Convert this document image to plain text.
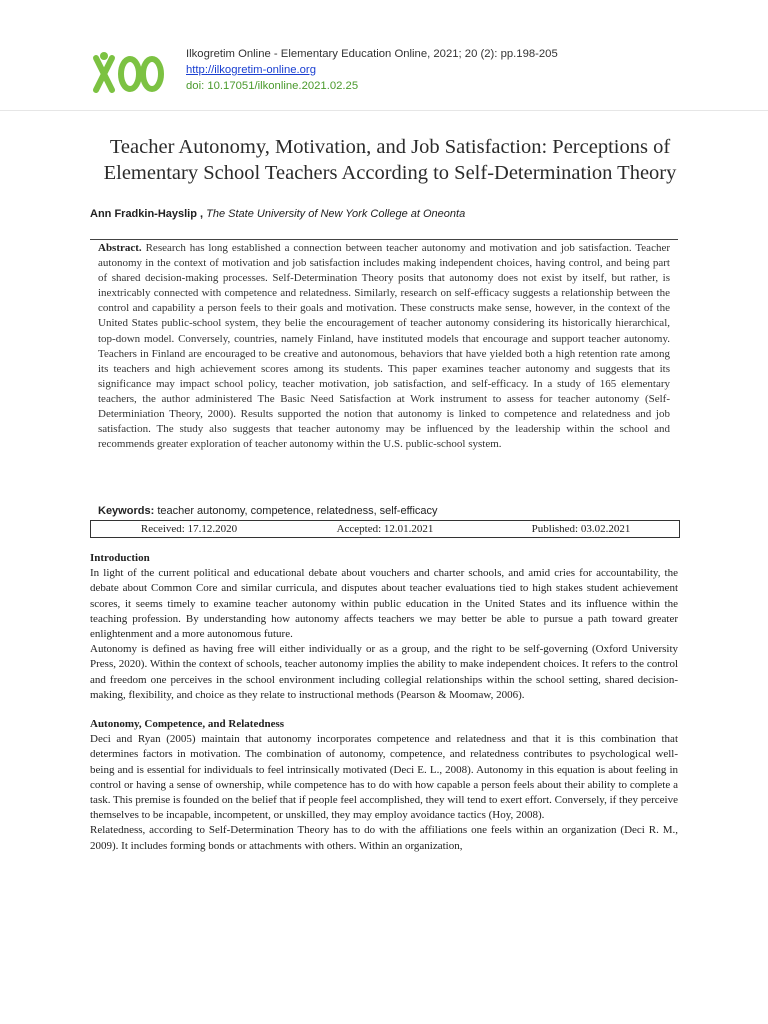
Ilkogretim Online - Elementary Education Online, 2021; 20 (2): pp.198-205
http://ilkogretim-online.org
doi: 10.17051/ilkonline.2021.02.25
Teacher Autonomy, Motivation, and Job Satisfaction: Perceptions of
Elementary School Teachers According to Self-Determination Theory
Ann Fradkin-Hayslip , The State University of New York College at Oneonta
Abstract. Research has long established a connection between teacher autonomy and motivation and job satisfaction. Teacher autonomy in the context of motivation and job satisfaction includes making independent choices, having control, and being part of shared decision-making processes. Self-Determination Theory posits that autonomy does not exist by itself, but rather, is inextricably connected with competence and relatedness. Similarly, research on self-efficacy suggests a relationship between the control and capability a person feels to their goals and motivation. These constructs make sense, however, in the context of the United States public-school system, they belie the encouragement of teacher autonomy considering its historically hierarchical, top-down model. Conversely, countries, namely Finland, have instituted models that encourage and support teacher autonomy. Teachers in Finland are encouraged to be creative and autonomous, behaviors that have yielded both a high retention rate among its teachers and high achievement scores among its students. This paper examines teacher autonomy and suggests that its significance may impact school policy, teacher motivation, job satisfaction, and self-efficacy. In a study of 165 elementary teachers, the author administered The Basic Need Satisfaction at Work instrument to assess for teacher autonomy (Self-Determiniation Theory, 2000). Results supported the notion that autonomy is linked to competence and relatedness and job satisfaction. The study also suggests that teacher autonomy may be influenced by the leadership within the school and recommends greater exploration of teacher autonomy within the U.S. public-school system.
Keywords: teacher autonomy, competence, relatedness, self-efficacy
Received: 17.12.2020	Accepted: 12.01.2021	Published: 03.02.2021

Introduction

In light of the current political and educational debate about vouchers and charter schools, and amid cries for accountability, the debate about Common Core and similar curricula, and disputes about teacher evaluations tied to high stakes student achievement scores, it seems timely to examine teacher autonomy within public education in the United States and its influence within the teaching profession. By understanding how autonomy affects teachers we may better be able to pursue a path toward greater enlightenment and a more autonomous future.

Autonomy is defined as having free will either individually or as a group, and the right to be self-governing (Oxford University Press, 2020). Within the context of schools, teacher autonomy implies the ability to make independent choices. It refers to the control and freedom one perceives in the school environment including collegial relationships within the school setting, shared decision-making, flexibility, and choice as they relate to instructional methods (Pearson & Moomaw, 2006).

Autonomy, Competence, and Relatedness

Deci and Ryan (2005) maintain that autonomy incorporates competence and relatedness and that it is this combination that determines factors in motivation. The combination of autonomy, competence, and relatedness contributes to psychological well-being and is essential for individuals to feel intrinsically motivated (Deci E. L., 2008). Autonomy in this equation is about feeling in control or having a sense of ownership, while competence has to do with how capable a person feels about their ability to complete a task. This premise is founded on the belief that if people feel accomplished, they will tend to exert effort. Conversely, if they perceive themselves to be incapable, incompetent, or unskilled, they may employ avoidance tactics (Hoy, 2008).

Relatedness, according to Self-Determination Theory has to do with the affiliations one feels within an organization (Deci R. M., 2009). It includes forming bonds or attachments with others. Within an organization,
